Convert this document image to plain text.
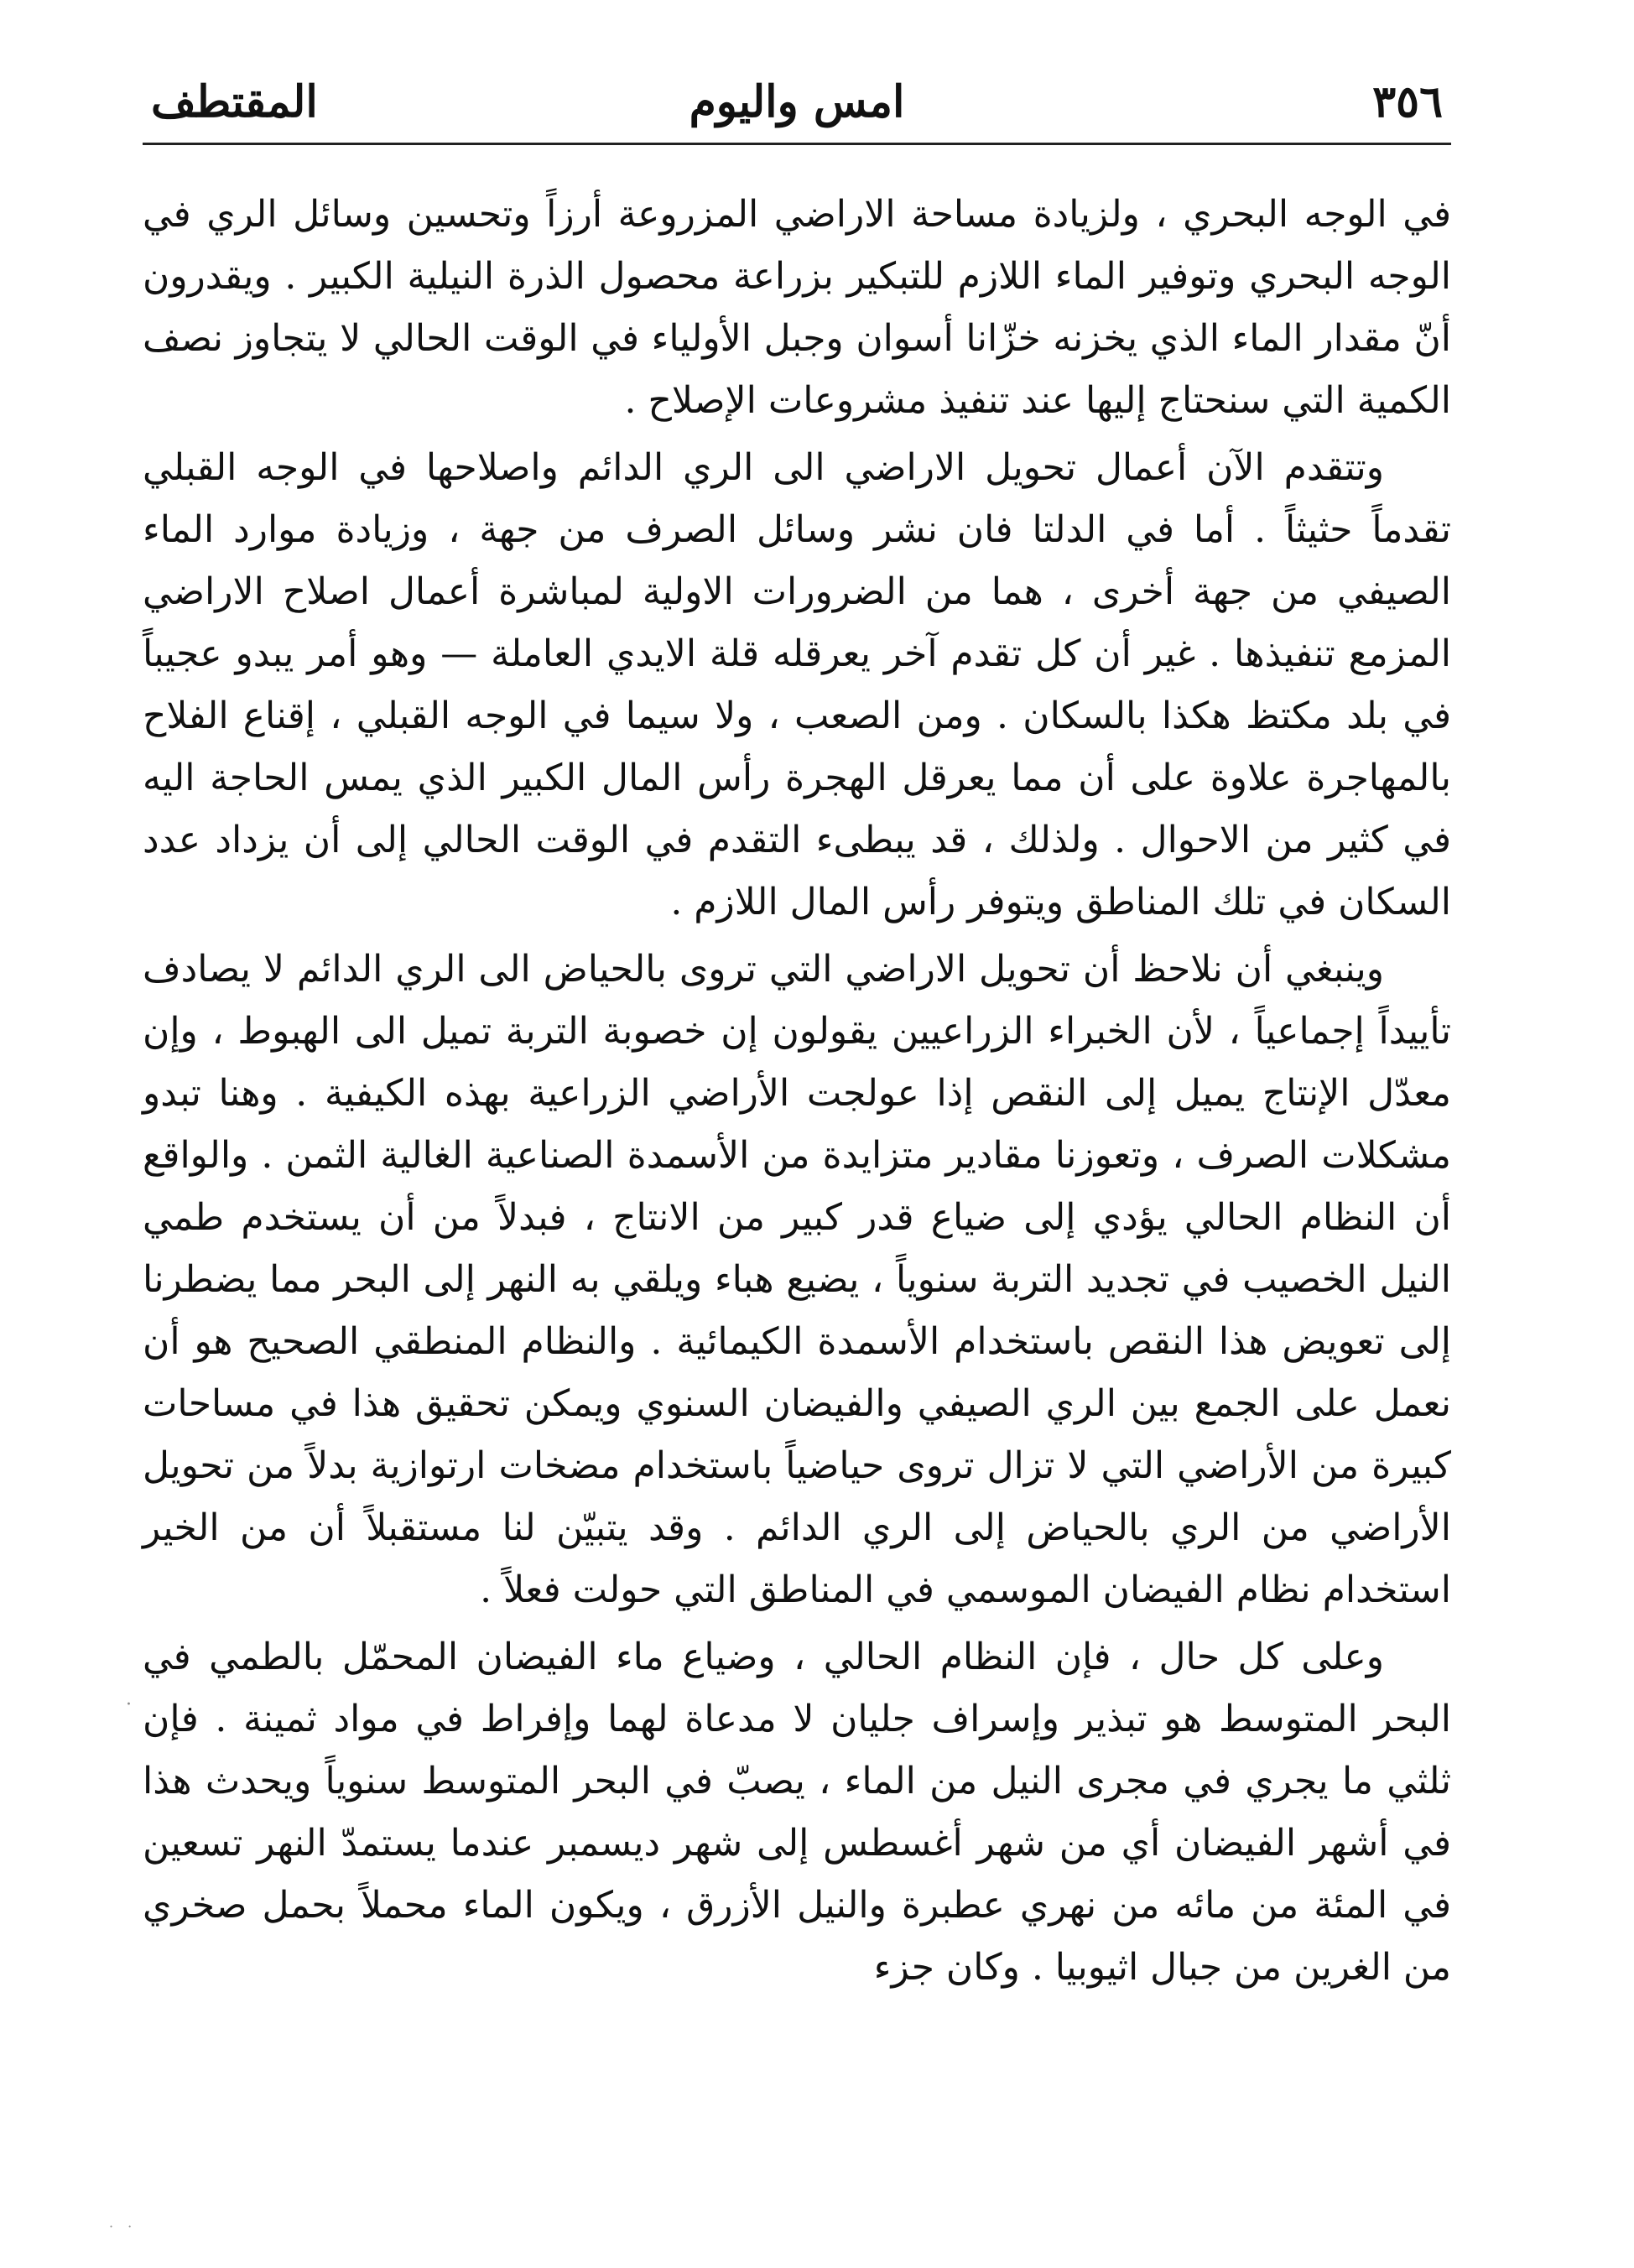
٣٥٦
امس واليوم
المقتطف

في الوجه البحري ، ولزيادة مساحة الاراضي المزروعة أرزاً وتحسين وسائل الري في الوجه البحري وتوفير الماء اللازم للتبكير بزراعة محصول الذرة النيلية الكبير . ويقدرون أنّ مقدار الماء الذي يخزنه خزّانا أسوان وجبل الأولياء في الوقت الحالي لا يتجاوز نصف الكمية التي سنحتاج إليها عند تنفيذ مشروعات الإصلاح .

وتتقدم الآن أعمال تحويل الاراضي الى الري الدائم واصلاحها في الوجه القبلي تقدماً حثيثاً . أما في الدلتا فان نشر وسائل الصرف من جهة ، وزيادة موارد الماء الصيفي من جهة أخرى ، هما من الضرورات الاولية لمباشرة أعمال اصلاح الاراضي المزمع تنفيذها . غير أن كل تقدم آخر يعرقله قلة الايدي العاملة — وهو أمر يبدو عجيباً في بلد مكتظ هكذا بالسكان . ومن الصعب ، ولا سيما في الوجه القبلي ، إقناع الفلاح بالمهاجرة علاوة على أن مما يعرقل الهجرة رأس المال الكبير الذي يمس الحاجة اليه في كثير من الاحوال . ولذلك ، قد يبطىء التقدم في الوقت الحالي إلى أن يزداد عدد السكان في تلك المناطق ويتوفر رأس المال اللازم .

وينبغي أن نلاحظ أن تحويل الاراضي التي تروى بالحياض الى الري الدائم لا يصادف تأييداً إجماعياً ، لأن الخبراء الزراعيين يقولون إن خصوبة التربة تميل الى الهبوط ، وإن معدّل الإنتاج يميل إلى النقص إذا عولجت الأراضي الزراعية بهذه الكيفية . وهنا تبدو مشكلات الصرف ، وتعوزنا مقادير متزايدة من الأسمدة الصناعية الغالية الثمن . والواقع أن النظام الحالي يؤدي إلى ضياع قدر كبير من الانتاج ، فبدلاً من أن يستخدم طمي النيل الخصيب في تجديد التربة سنوياً ، يضيع هباء ويلقي به النهر إلى البحر مما يضطرنا إلى تعويض هذا النقص باستخدام الأسمدة الكيمائية . والنظام المنطقي الصحيح هو أن نعمل على الجمع بين الري الصيفي والفيضان السنوي ويمكن تحقيق هذا في مساحات كبيرة من الأراضي التي لا تزال تروى حياضياً باستخدام مضخات ارتوازية بدلاً من تحويل الأراضي من الري بالحياض إلى الري الدائم . وقد يتبيّن لنا مستقبلاً أن من الخير استخدام نظام الفيضان الموسمي في المناطق التي حولت فعلاً .

وعلى كل حال ، فإن النظام الحالي ، وضياع ماء الفيضان المحمّل بالطمي في البحر المتوسط هو تبذير وإسراف جليان لا مدعاة لهما وإفراط في مواد ثمينة . فإن ثلثي ما يجري في مجرى النيل من الماء ، يصبّ في البحر المتوسط سنوياً ويحدث هذا في أشهر الفيضان أي من شهر أغسطس إلى شهر ديسمبر عندما يستمدّ النهر تسعين في المئة من مائه من نهري عطبرة والنيل الأزرق ، ويكون الماء محملاً بحمل صخري من الغرين من جبال اثيوبيا . وكان جزء

·
· ·
